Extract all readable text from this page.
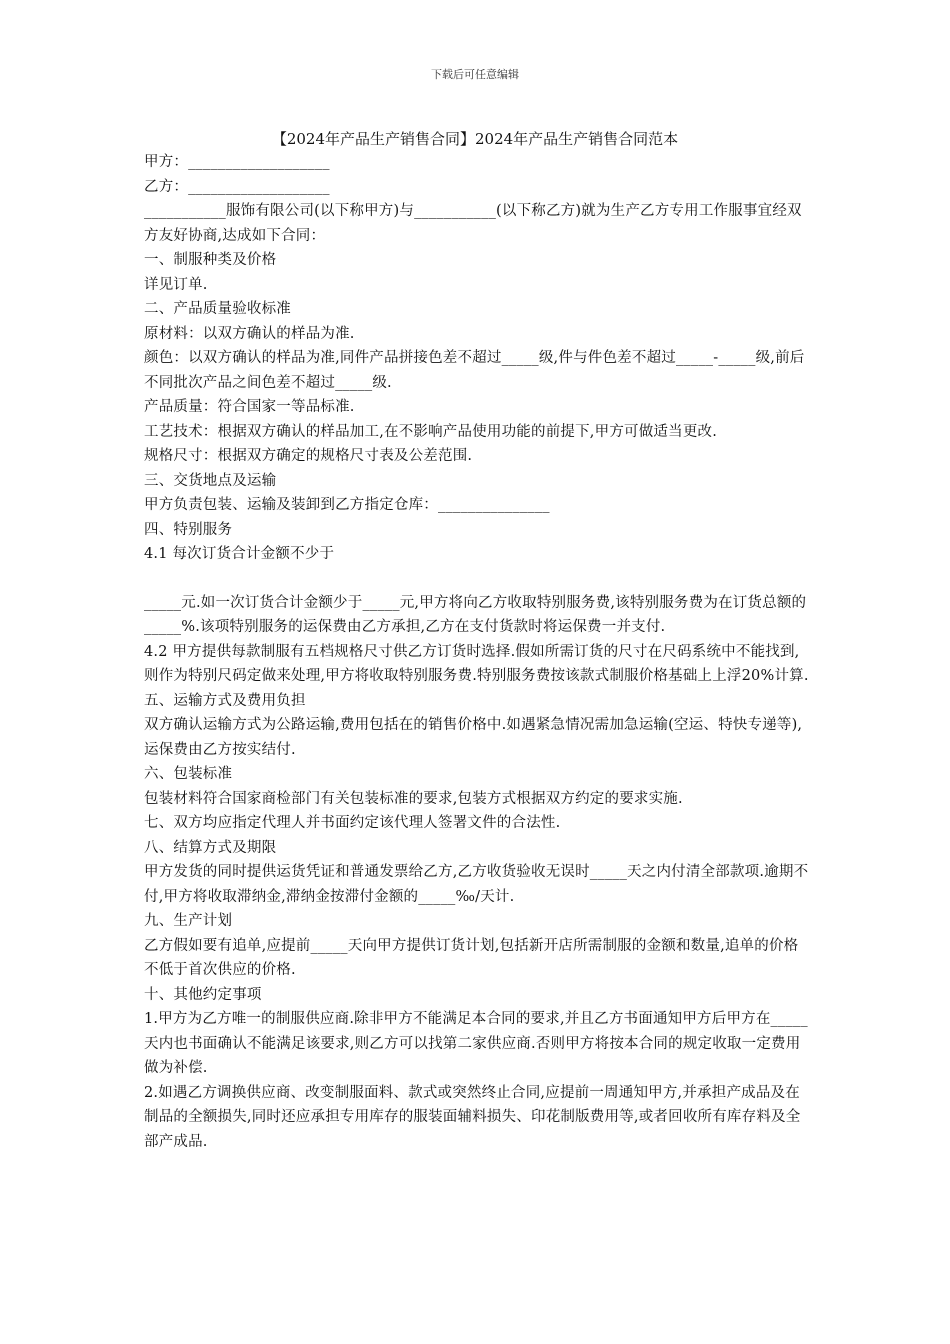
下载后可任意编辑
【2024年产品生产销售合同】2024年产品生产销售合同范本

甲方：___________________

乙方：___________________

___________服饰有限公司(以下称甲方)与___________(以下称乙方)就为生产乙方专用工作服事宜经双方友好协商,达成如下合同：

一、制服种类及价格

详见订单.

二、产品质量验收标准

原材料：以双方确认的样品为准.

颜色：以双方确认的样品为准,同件产品拼接色差不超过_____级,件与件色差不超过_____-_____级,前后不同批次产品之间色差不超过_____级.

产品质量：符合国家一等品标准.

工艺技术：根据双方确认的样品加工,在不影响产品使用功能的前提下,甲方可做适当更改.

规格尺寸：根据双方确定的规格尺寸表及公差范围.

三、交货地点及运输

甲方负责包装、运输及装卸到乙方指定仓库：_______________

四、特别服务

4.1 每次订货合计金额不少于

_____元.如一次订货合计金额少于_____元,甲方将向乙方收取特别服务费,该特别服务费为在订货总额的_____%.该项特别服务的运保费由乙方承担,乙方在支付货款时将运保费一并支付.

4.2 甲方提供每款制服有五档规格尺寸供乙方订货时选择.假如所需订货的尺寸在尺码系统中不能找到,则作为特别尺码定做来处理,甲方将收取特别服务费.特别服务费按该款式制服价格基础上上浮20%计算.

五、运输方式及费用负担

双方确认运输方式为公路运输,费用包括在的销售价格中.如遇紧急情况需加急运输(空运、特快专递等),运保费由乙方按实结付.

六、包装标准

包装材料符合国家商检部门有关包装标准的要求,包装方式根据双方约定的要求实施.

七、双方均应指定代理人并书面约定该代理人签署文件的合法性.

八、结算方式及期限

甲方发货的同时提供运货凭证和普通发票给乙方,乙方收货验收无误时_____天之内付清全部款项.逾期不付,甲方将收取滞纳金,滞纳金按滞付金额的_____‰/天计.

九、生产计划

乙方假如要有追单,应提前_____天向甲方提供订货计划,包括新开店所需制服的金额和数量,追单的价格不低于首次供应的价格.

十、其他约定事项

1.甲方为乙方唯一的制服供应商.除非甲方不能满足本合同的要求,并且乙方书面通知甲方后甲方在_____天内也书面确认不能满足该要求,则乙方可以找第二家供应商.否则甲方将按本合同的规定收取一定费用做为补偿.

2.如遇乙方调换供应商、改变制服面料、款式或突然终止合同,应提前一周通知甲方,并承担产成品及在制品的全额损失,同时还应承担专用库存的服装面辅料损失、印花制版费用等,或者回收所有库存料及全部产成品.
